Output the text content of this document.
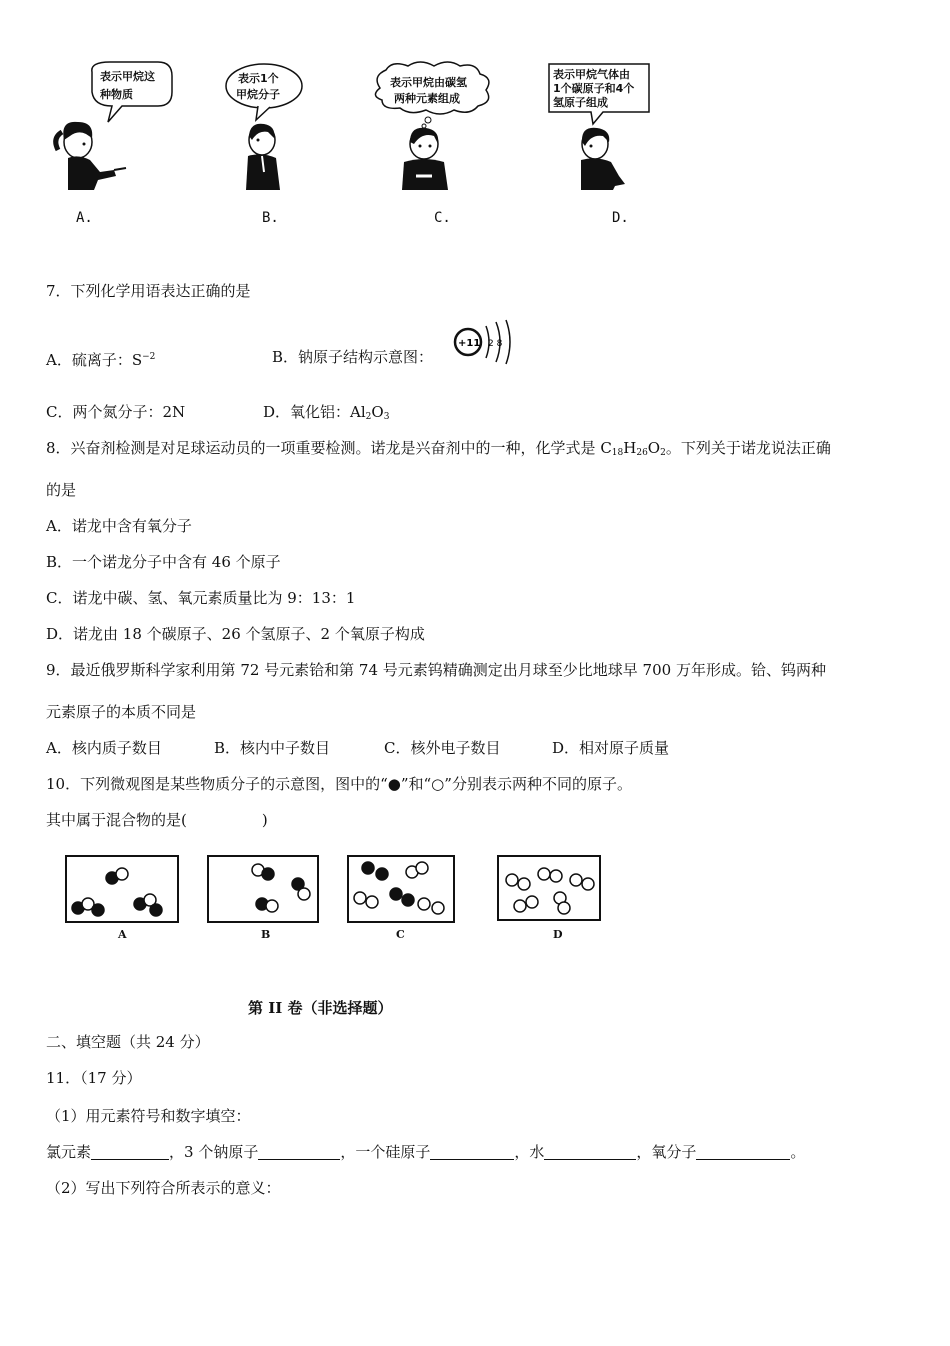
表示甲烷这
种物质
表示1个
甲烷分子
表示甲烷由碳氢
两种元素组成
表示甲烷气体由
1个碳原子和4个
氢原子组成
A.	B.	C.	D.
7．下列化学用语表达正确的是
A．硫离子：$S^{-2}$	B．钠原子结构示意图：
+11 2 8
C．两个氮分子：2N	D．氧化铝：$Al_2O_3$
8．兴奋剂检测是对足球运动员的一项重要检测。诺龙是兴奋剂中的一种，化学式是 $C_{18}H_{26}O_2$。下列关于诺龙说法正确
的是
A．诺龙中含有氧分子
B．一个诺龙分子中含有 46 个原子
C．诺龙中碳、氢、氧元素质量比为 9：13：1
D．诺龙由 18 个碳原子、26 个氢原子、2 个氧原子构成
9．最近俄罗斯科学家利用第 72 号元素铪和第 74 号元素钨精确测定出月球至少比地球早 700 万年形成。铪、钨两种
元素原子的本质不同是
A．核内质子数目	B．核内中子数目	C．核外电子数目	D．相对原子质量
10．下列微观图是某些物质分子的示意图，图中的“●”和“○”分别表示两种不同的原子。
其中属于混合物的是(　　　　　)
A	B	C	D
第 II 卷（非选择题）
二、填空题（共 24 分）
11．（17 分）
（1）用元素符号和数字填空：
氯元素	，3 个钠原子	，一个硅原子	，水	，氧分子	。
（2）写出下列符合所表示的意义：
